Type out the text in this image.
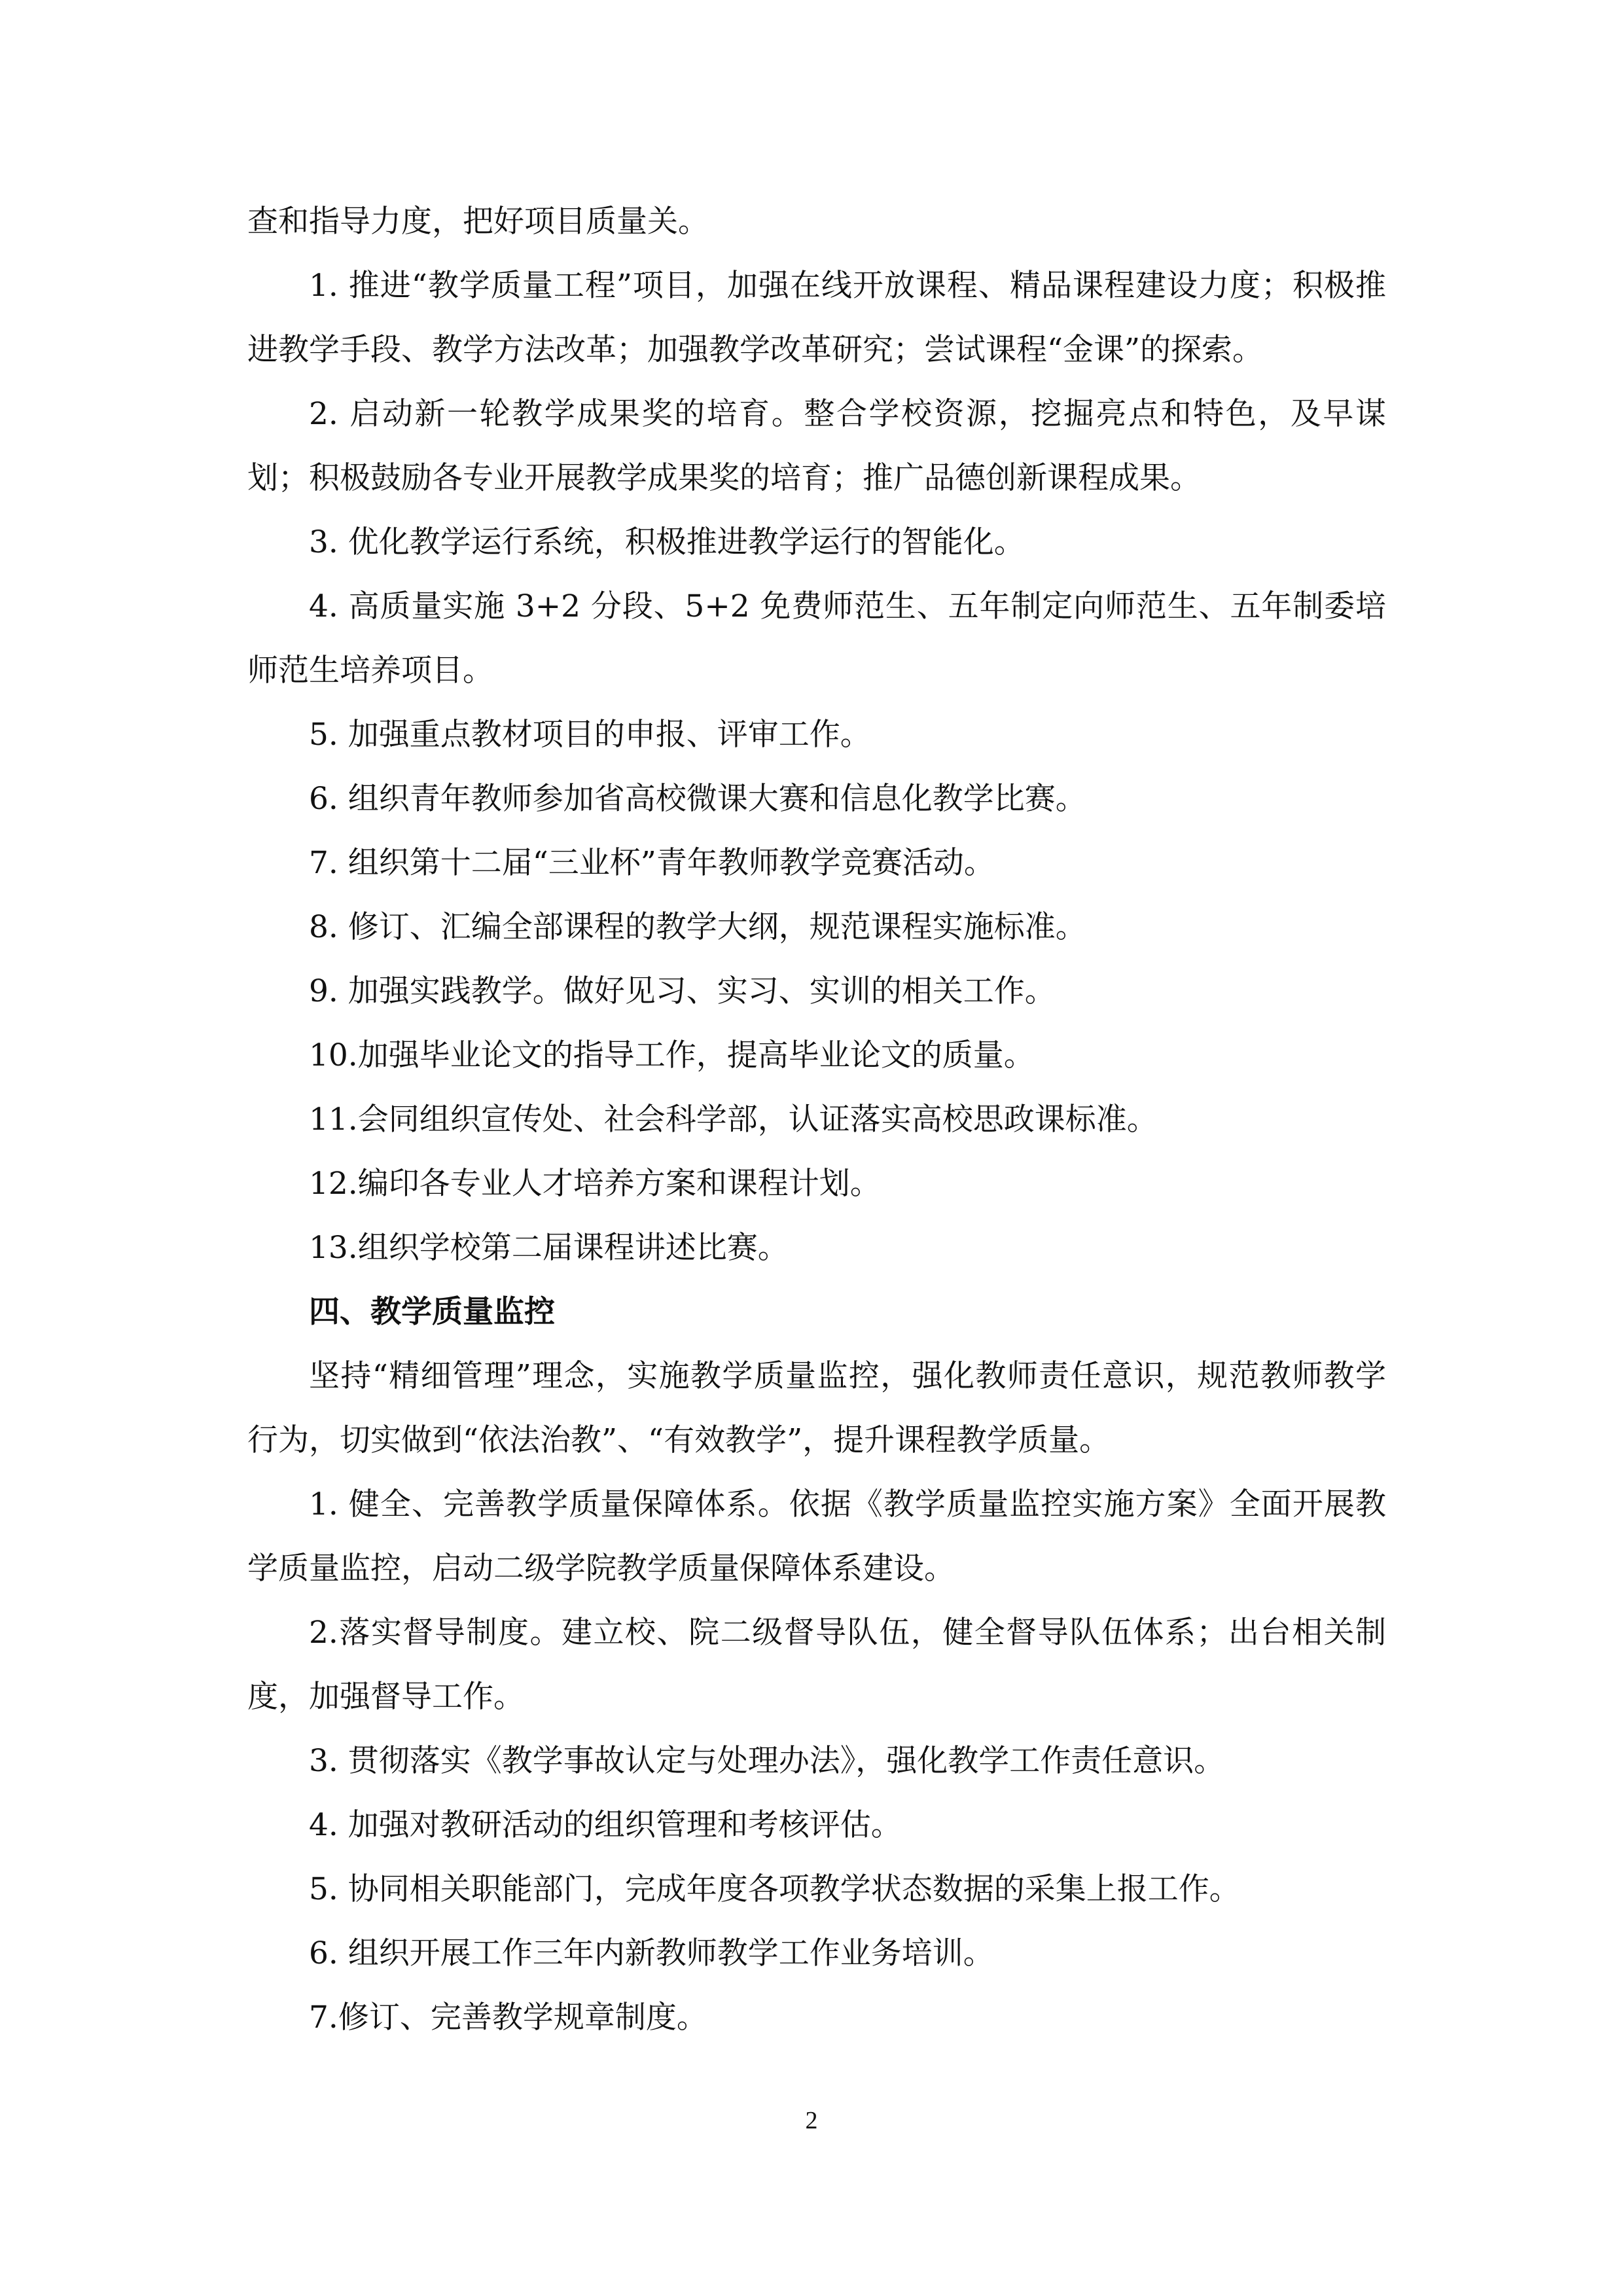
查和指导力度，把好项目质量关。

1. 推进“教学质量工程”项目，加强在线开放课程、精品课程建设力度；积极推进教学手段、教学方法改革；加强教学改革研究；尝试课程“金课”的探索。

2. 启动新一轮教学成果奖的培育。整合学校资源，挖掘亮点和特色，及早谋划；积极鼓励各专业开展教学成果奖的培育；推广品德创新课程成果。

3. 优化教学运行系统，积极推进教学运行的智能化。

4. 高质量实施 3+2 分段、5+2 免费师范生、五年制定向师范生、五年制委培师范生培养项目。

5. 加强重点教材项目的申报、评审工作。

6. 组织青年教师参加省高校微课大赛和信息化教学比赛。

7. 组织第十二届“三业杯”青年教师教学竞赛活动。

8. 修订、汇编全部课程的教学大纲，规范课程实施标准。

9. 加强实践教学。做好见习、实习、实训的相关工作。

10.加强毕业论文的指导工作，提高毕业论文的质量。

11.会同组织宣传处、社会科学部，认证落实高校思政课标准。

12.编印各专业人才培养方案和课程计划。

13.组织学校第二届课程讲述比赛。

四、教学质量监控

坚持“精细管理”理念，实施教学质量监控，强化教师责任意识，规范教师教学行为，切实做到“依法治教”、“有效教学”，提升课程教学质量。

1. 健全、完善教学质量保障体系。依据《教学质量监控实施方案》全面开展教学质量监控，启动二级学院教学质量保障体系建设。

2.落实督导制度。建立校、院二级督导队伍，健全督导队伍体系；出台相关制度，加强督导工作。

3. 贯彻落实《教学事故认定与处理办法》，强化教学工作责任意识。

4. 加强对教研活动的组织管理和考核评估。

5. 协同相关职能部门，完成年度各项教学状态数据的采集上报工作。

6. 组织开展工作三年内新教师教学工作业务培训。

7.修订、完善教学规章制度。

2
